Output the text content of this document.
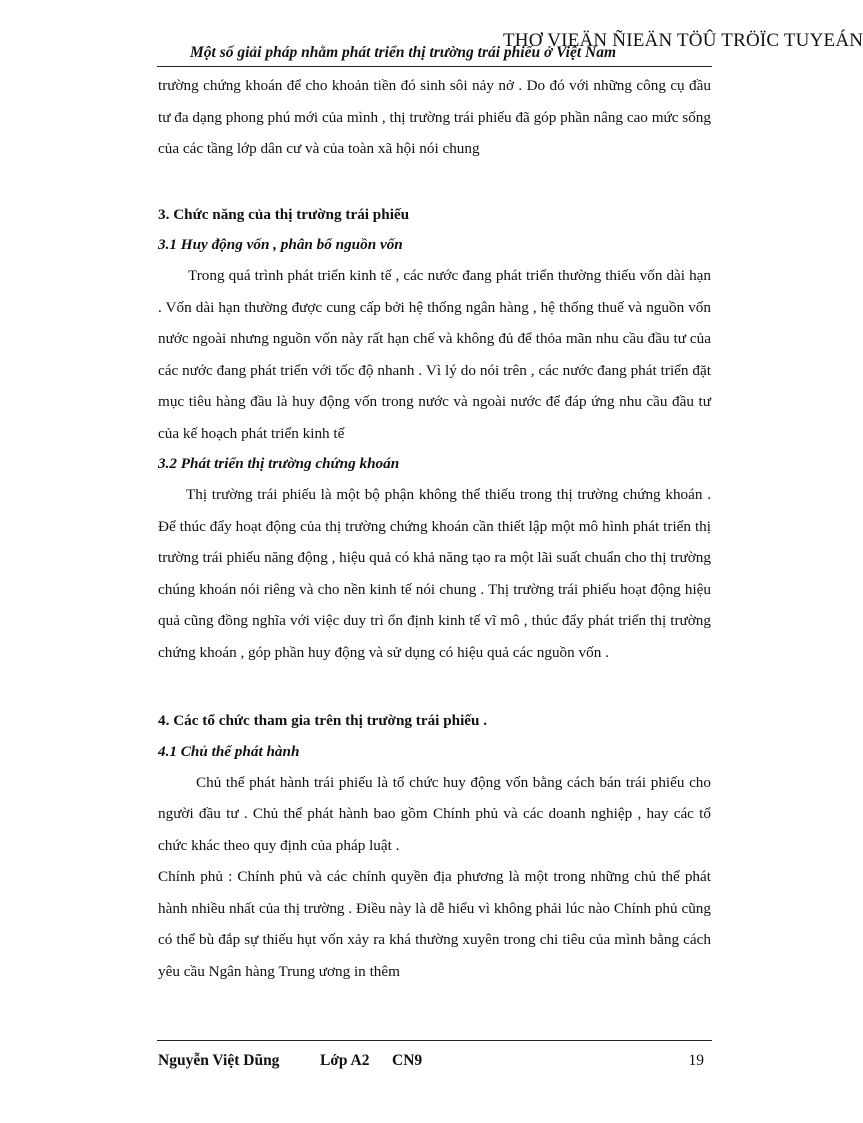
THƠ VIEÄN ÑIEÄN TÖÛ TRÖÏC TUYEÁN
Một số giải pháp nhằm phát triển thị trường trái phiếu ở Việt Nam

trường chứng khoán để cho khoản tiền đó sinh sôi nảy nở . Do đó với những công cụ đầu tư đa dạng phong phú mới của mình , thị trường trái phiếu đã góp phần nâng cao mức sống của các tầng lớp dân cư và của toàn xã hội nói chung

3. Chức năng của thị trường trái phiếu

3.1 Huy động vốn , phân bổ nguồn vốn

Trong quá trình phát triển kinh tế , các nước đang phát triển thường thiếu vốn dài hạn . Vốn dài hạn thường được cung cấp bởi hệ thống ngân hàng , hệ thống thuế và nguồn vốn nước ngoài nhưng nguồn vốn này rất hạn chế và không đủ để thỏa mãn nhu cầu đầu tư của các nước đang phát triển với tốc độ nhanh . Vì lý do nói trên , các nước đang phát triển đặt mục tiêu hàng đầu là huy động vốn trong nước và ngoài nước để đáp ứng nhu cầu đầu tư của kế hoạch phát triển kinh tế

3.2 Phát triển thị trường chứng khoán

Thị trường trái phiếu là một bộ phận không thể thiếu trong thị trường chứng khoán . Để thúc đẩy hoạt động của thị trường chứng khoán cần thiết lập một mô hình phát triển thị trường trái phiếu năng động , hiệu quả có khả năng tạo ra một lãi suất chuẩn cho thị trường chúng khoán nói riêng và cho nền kinh tế nói chung . Thị trường trái phiếu hoạt động hiệu quả cũng đồng nghĩa với việc duy trì ổn định kinh tế vĩ mô , thúc đẩy phát triển thị trường chứng khoán , góp phần huy động và sử dụng có hiệu quả các nguồn vốn .

4. Các tổ chức tham gia trên thị trường trái phiếu .

4.1 Chủ thể phát hành

Chủ thể phát hành trái phiếu là tổ chức huy động vốn bằng cách bán trái phiếu cho người đầu tư . Chủ thể phát hành bao gồm Chính phủ và các doanh nghiệp , hay các tổ chức khác theo quy định của pháp luật .

Chính phủ : Chính phủ và các chính quyền địa phương là một trong những chủ thể phát hành nhiều nhất của thị trường . Điều này là dễ hiểu vì không phải lúc nào Chính phủ cũng có thể bù đắp sự thiếu hụt vốn xảy ra khá thường xuyên trong chi tiêu của mình bằng cách yêu cầu Ngân hàng Trung ương in thêm

Nguyễn Việt Dũng	Lớp A2 CN9	19
